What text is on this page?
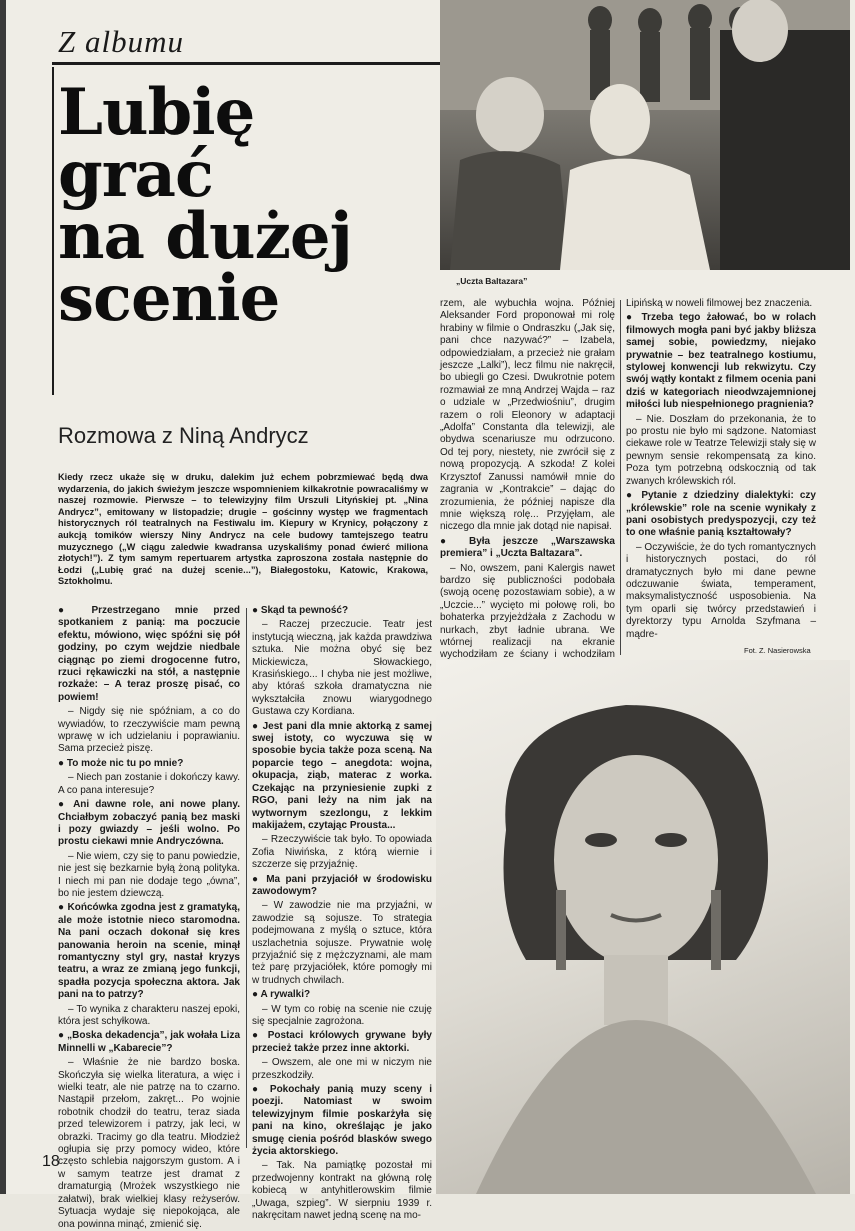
Z albumu
Lubię
grać
na dużej
scenie
Rozmowa z Niną Andrycz
Kiedy rzecz ukaże się w druku, dalekim już echem pobrzmiewać będą dwa wydarzenia, do jakich świeżym jeszcze wspomnieniem kilkakrotnie powracaliśmy w naszej rozmowie. Pierwsze – to telewizyjny film Urszuli Lityńskiej pt. „Nina Andrycz”, emitowany w listopadzie; drugie – gościnny występ we fragmentach historycznych ról teatralnych na Festiwalu im. Kiepury w Krynicy, połączony z aukcją tomików wierszy Niny Andrycz na cele budowy tamtejszego teatru muzycznego („W ciągu zaledwie kwadransa uzyskaliśmy ponad ćwierć miliona złotych!”). Z tym samym repertuarem artystka zaproszona została następnie do Łodzi („Lubię grać na dużej scenie...”), Białegostoku, Katowic, Krakowa, Sztokholmu.
„Uczta Baltazara”

● Przestrzegano mnie przed spotkaniem z panią: ma poczucie efektu, mówiono, więc spóźni się pół godziny, po czym wejdzie niedbale ciągnąc po ziemi drogocenne futro, rzuci rękawiczki na stół, a następnie rozkaże: – A teraz proszę pisać, co powiem!

– Nigdy się nie spóźniam, a co do wywiadów, to rzeczywiście mam pewną wprawę w ich udzielaniu i poprawianiu. Sama przecież piszę.

● To może nic tu po mnie?

– Niech pan zostanie i dokończy kawy. A co pana interesuje?

● Ani dawne role, ani nowe plany. Chciałbym zobaczyć panią bez maski i pozy gwiazdy – jeśli wolno. Po prostu ciekawi mnie Andryczówna.

– Nie wiem, czy się to panu powiedzie, nie jest się bezkarnie byłą żoną polityka. I niech mi pan nie dodaje tego „ówna”, bo nie jestem dziewczą.

● Końcówka zgodna jest z gramatyką, ale może istotnie nieco staromodna. Na pani oczach dokonał się kres panowania heroin na scenie, minął romantyczny styl gry, nastał kryzys teatru, a wraz ze zmianą jego funkcji, spadła pozycja społeczna aktora. Jak pani na to patrzy?

– To wynika z charakteru naszej epoki, która jest schyłkowa.

● „Boska dekadencja”, jak wołała Liza Minnelli w „Kabarecie”?

– Właśnie że nie bardzo boska. Skończyła się wielka literatura, a więc i wielki teatr, ale nie patrzę na to czarno. Nastąpił przełom, zakręt... Po wojnie robotnik chodził do teatru, teraz siada przed telewizorem i patrzy, jak leci, w obrazki. Tracimy go dla teatru. Młodzież ogłupia się przy pomocy wideo, które często schlebia najgorszym gustom. A i w samym teatrze jest dramat z dramaturgią (Mrożek wszystkiego nie załatwi), brak wielkiej klasy reżyserów. Sytuacja wydaje się niepokojąca, ale ona powinna minąć, zmienić się.

● Skąd ta pewność?

– Raczej przeczucie. Teatr jest instytucją wieczną, jak każda prawdziwa sztuka. Nie można obyć się bez Mickiewicza, Słowackiego, Krasińskiego... I chyba nie jest możliwe, aby któraś szkoła dramatyczna nie wykształciła znowu wiarygodnego Gustawa czy Kordiana.

● Jest pani dla mnie aktorką z samej swej istoty, co wyczuwa się w sposobie bycia także poza sceną. Na poparcie tego – anegdota: wojna, okupacja, ziąb, materac z worka. Czekając na przyniesienie zupki z RGO, pani leży na nim jak na wytwornym szezlongu, z lekkim makijażem, czytając Prousta...

– Rzeczywiście tak było. To opowiada Zofia Niwińska, z którą wiernie i szczerze się przyjaźnię.

● Ma pani przyjaciół w środowisku zawodowym?

– W zawodzie nie ma przyjaźni, w zawodzie są sojusze. To strategia podejmowana z myślą o sztuce, która uszlachetnia sojusze. Prywatnie wolę przyjaźnić się z mężczyznami, ale mam też parę przyjaciółek, które pomogły mi w trudnych chwilach.

● A rywalki?

– W tym co robię na scenie nie czuję się specjalnie zagrożona.

● Postaci królowych grywane były przecież także przez inne aktorki.

– Owszem, ale one mi w niczym nie przeszkodziły.

● Pokochały panią muzy sceny i poezji. Natomiast w swoim telewizyjnym filmie poskarżyła się pani na kino, określając je jako smugę cienia pośród blasków swego życia aktorskiego.

– Tak. Na pamiątkę pozostał mi przedwojenny kontrakt na główną rolę kobiecą w antyhitlerowskim filmie „Uwaga, szpieg”. W sierpniu 1939 r. nakręcitam nawet jedną scenę na mo-

rzem, ale wybuchła wojna. Później Aleksander Ford proponował mi rolę hrabiny w filmie o Ondraszku („Jak się, pani chce nazywać?” – Izabela, odpowiedziałam, a przecież nie grałam jeszcze „Lalki”), lecz filmu nie nakręcił, bo ubiegli go Czesi. Dwukrotnie potem rozmawiał ze mną Andrzej Wajda – raz o udziale w „Przedwiośniu”, drugim razem o roli Eleonory w adaptacji „Adolfa” Constanta dla telewizji, ale obydwa scenariusze mu odrzucono. Od tej pory, niestety, nie zwrócił się z nową propozycją. A szkoda! Z kolei Krzysztof Zanussi namówił mnie do zagrania w „Kontrakcie” – dając do zrozumienia, że później napisze dla mnie większą rolę... Przyjęłam, ale niczego dla mnie jak dotąd nie napisał.

● Była jeszcze „Warszawska premiera” i „Uczta Baltazara”.

– No, owszem, pani Kalergis nawet bardzo się publiczności podobała (swoją ocenę pozostawiam sobie), a w „Uczcie...” wycięto mi połowę roli, bo bohaterka przyjeżdżała z Zachodu w nurkach, zbyt ładnie ubrana. We wtórnej realizacji na ekranie wychodziłam ze ściany i wchodziłam

Lipińską w noweli filmowej bez znaczenia.

● Trzeba tego żałować, bo w rolach filmowych mogła pani być jakby bliższa samej sobie, powiedzmy, niejako prywatnie – bez teatralnego kostiumu, stylowej konwencji lub rekwizytu. Czy swój wątły kontakt z filmem ocenia pani dziś w kategoriach nieodwzajemnionej miłości lub niespełnionego pragnienia?

– Nie. Doszłam do przekonania, że to po prostu nie było mi sądzone. Natomiast ciekawe role w Teatrze Telewizji stały się w pewnym sensie rekompensatą za kino. Poza tym potrzebną odskocznią od tak zwanych królewskich ról.

● Pytanie z dziedziny dialektyki: czy „królewskie” role na scenie wynikały z pani osobistych predyspozycji, czy też to one właśnie panią kształtowały?

– Oczywiście, że do tych romantycznych i historycznych postaci, do ról dramatycznych było mi dane pewne odczuwanie świata, temperament, maksymalistyczność usposobienia. Na tym oparli się twórcy przedstawień i dyrektorzy typu Arnolda Szyfmana – mądre-

Fot. Z. Nasierowska
18
